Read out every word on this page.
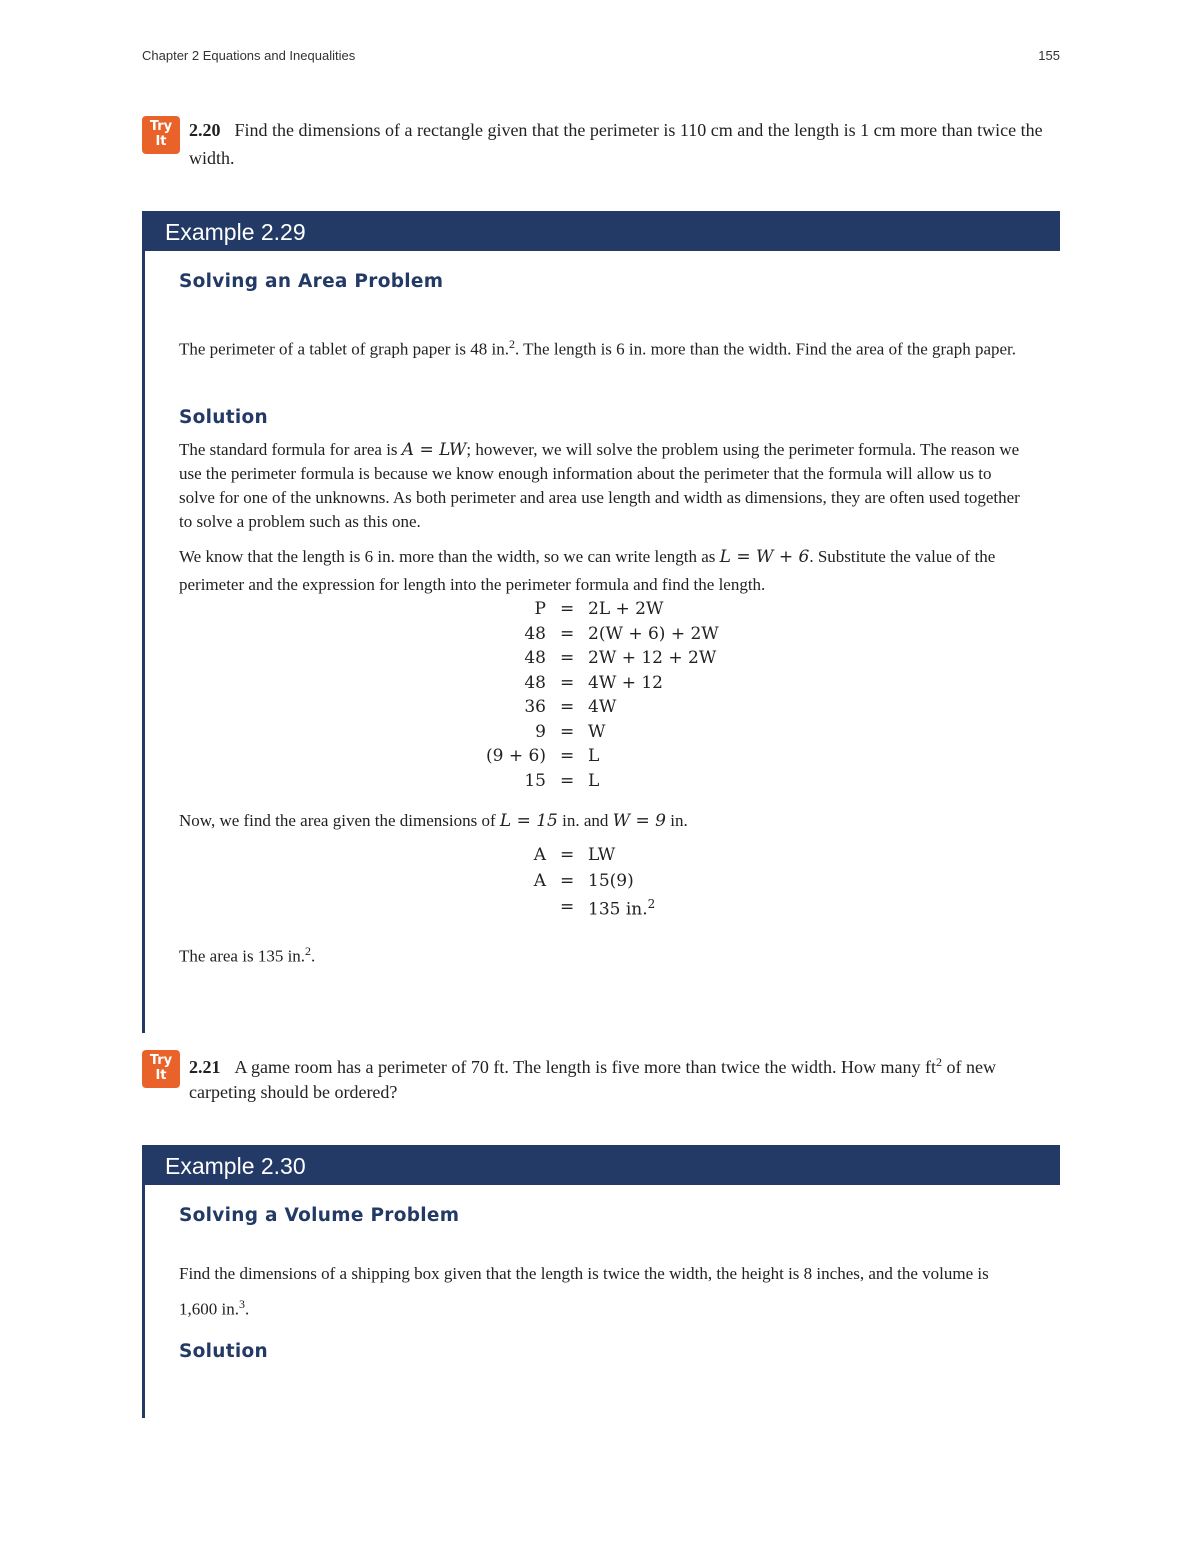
Chapter 2 Equations and Inequalities	155
Try
It
2.20 Find the dimensions of a rectangle given that the perimeter is 110 cm and the length is 1 cm more than twice the width.
Example 2.29
Solving an Area Problem
The perimeter of a tablet of graph paper is 48 in.$^2$. The length is 6 in. more than the width. Find the area of the graph paper.
Solution
The standard formula for area is A = LW; however, we will solve the problem using the perimeter formula. The reason we use the perimeter formula is because we know enough information about the perimeter that the formula will allow us to solve for one of the unknowns. As both perimeter and area use length and width as dimensions, they are often used together to solve a problem such as this one.
We know that the length is 6 in. more than the width, so we can write length as L = W + 6. Substitute the value of the perimeter and the expression for length into the perimeter formula and find the length.
P = 2L + 2W
48 = 2(W + 6) + 2W
48 = 2W + 12 + 2W
48 = 4W + 12
36 = 4W
9 = W
(9 + 6) = L
15 = L
Now, we find the area given the dimensions of L = 15 in. and W = 9 in.
A = LW
A = 15(9)
= 135 in.$^2$
The area is 135 in.$^2$.
Try
It	2.21 A game room has a perimeter of 70 ft. The length is five more than twice the width. How many $ft^2$ of new carpeting should be ordered?
Example 2.30
Solving a Volume Problem
Find the dimensions of a shipping box given that the length is twice the width, the height is 8 inches, and the volume is 1,600 in.$^3$.
Solution
